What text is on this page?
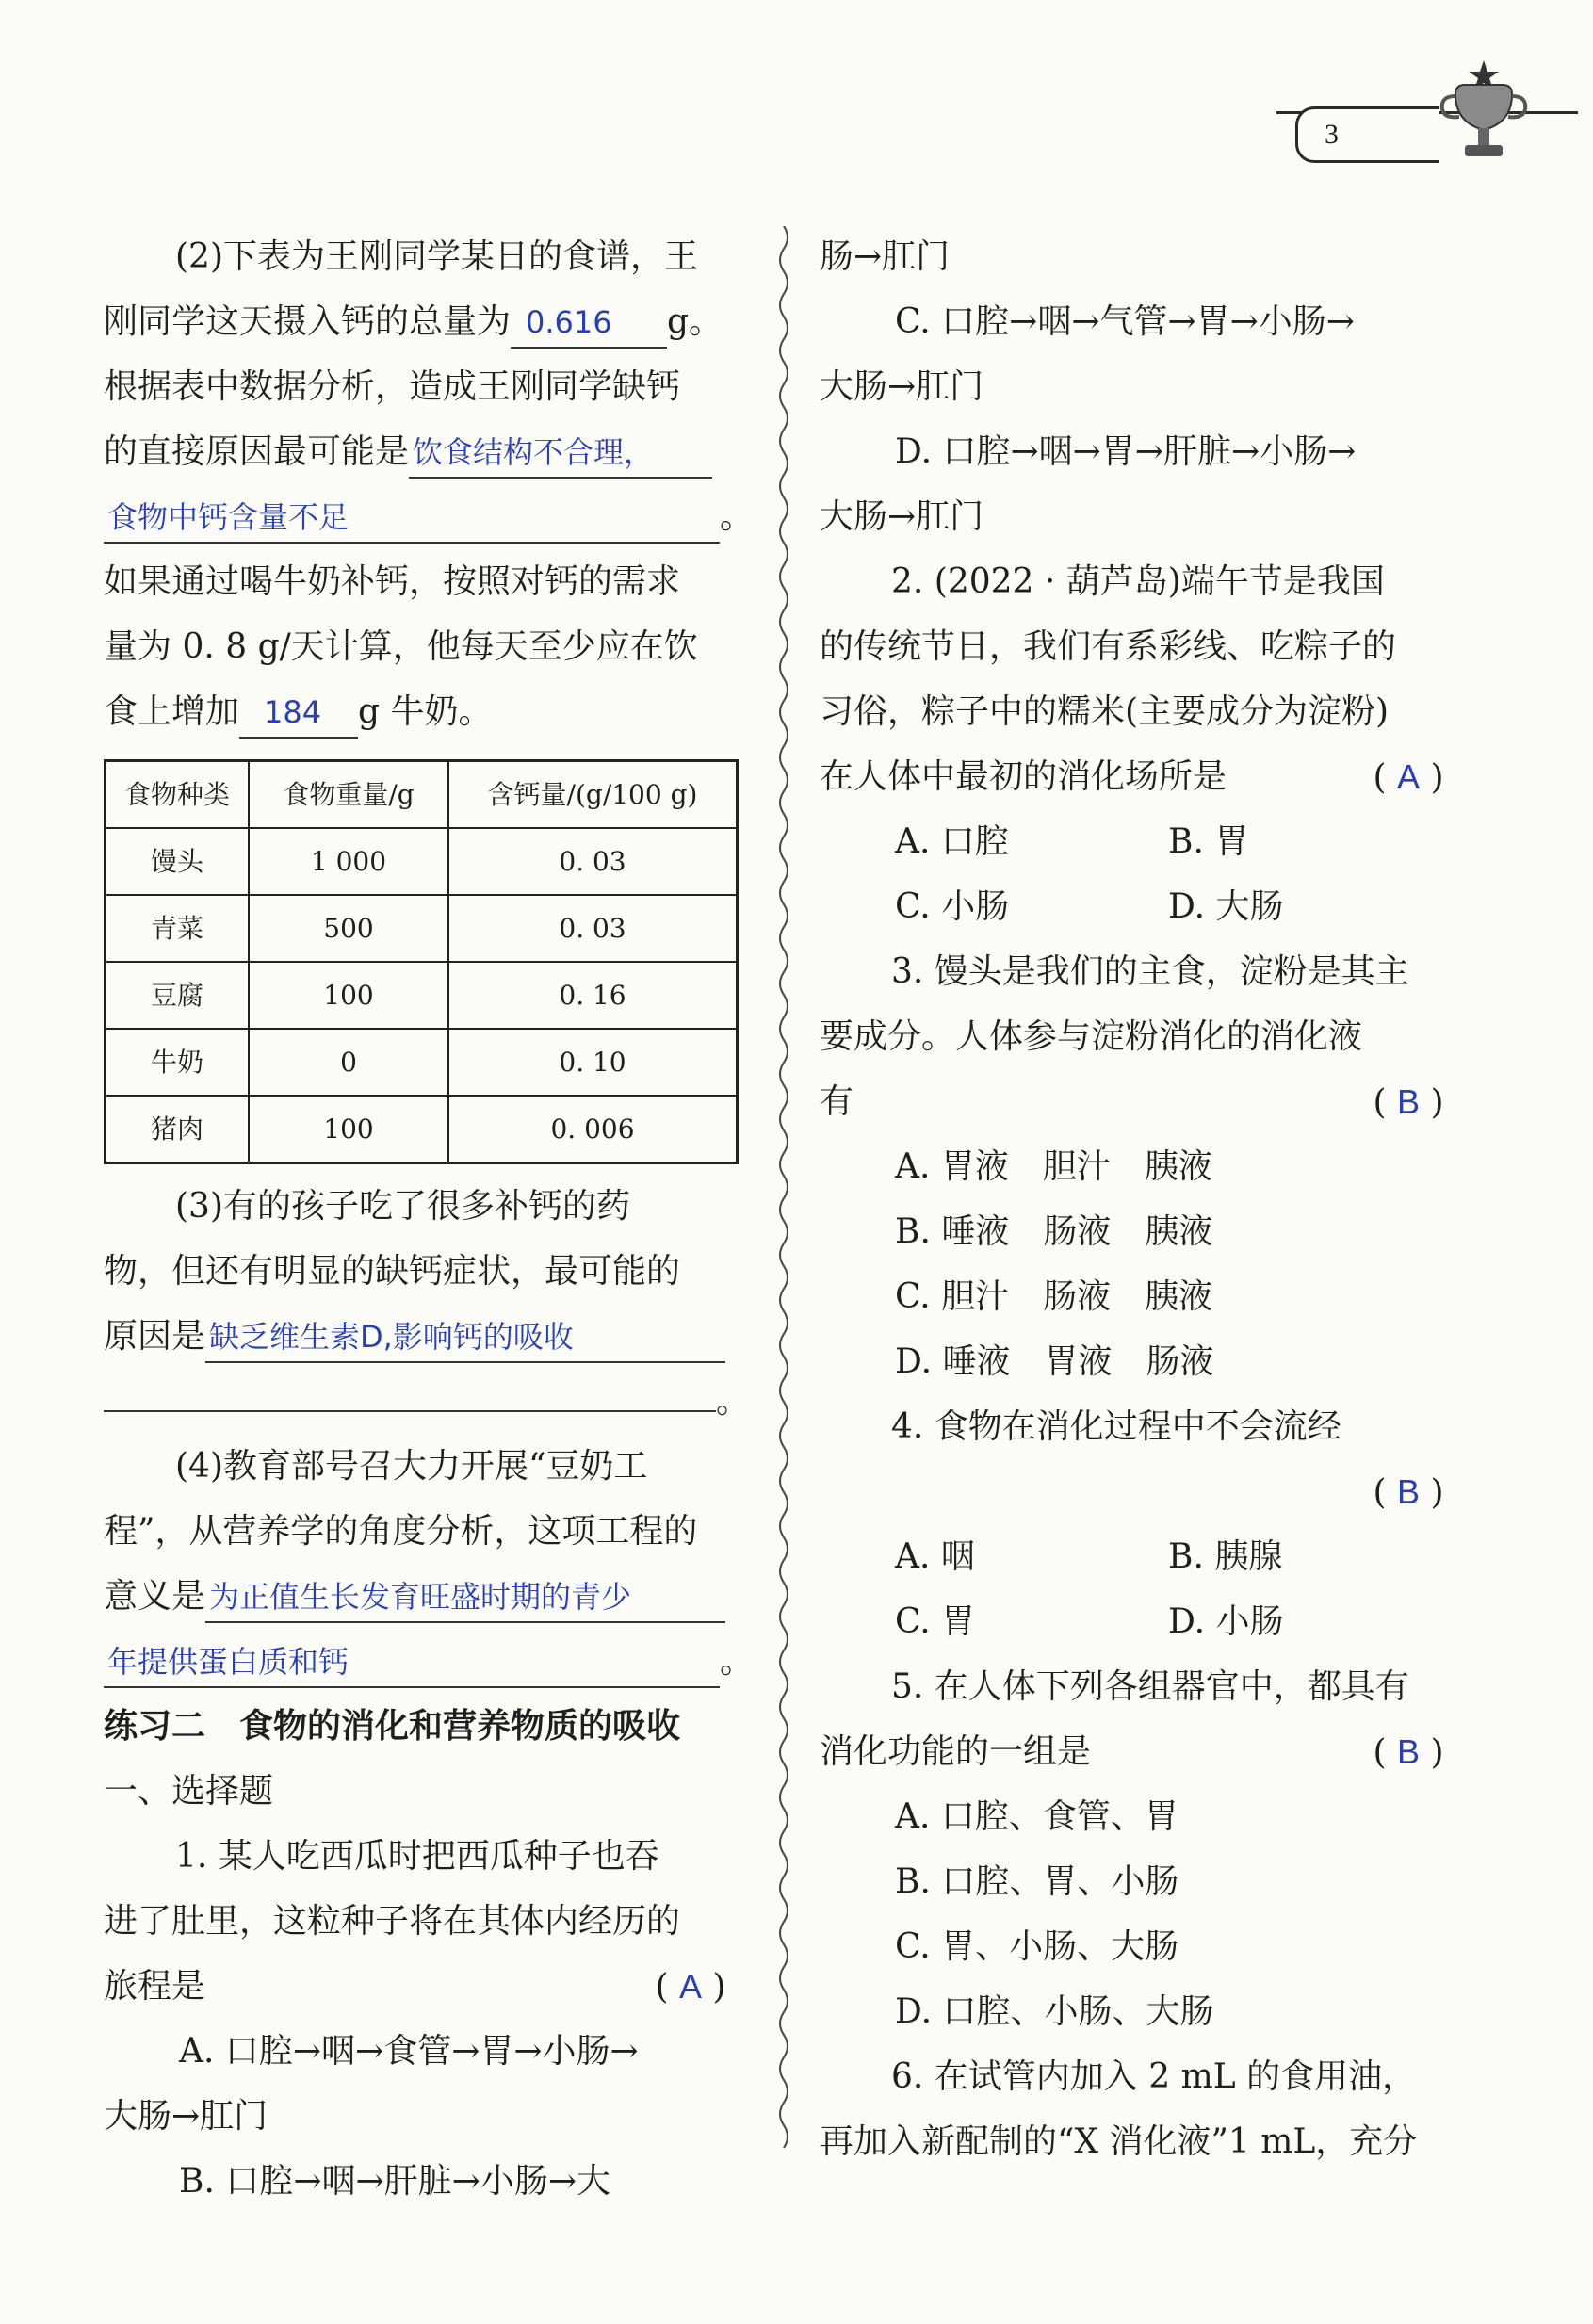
3

(2)下表为王刚同学某日的食谱，王

刚同学这天摄入钙的总量为 0.616 g。

根据表中数据分析，造成王刚同学缺钙

的直接原因最可能是 饮食结构不合理，

食物中钙含量不足	。

如果通过喝牛奶补钙，按照对钙的需求

量为 0. 8 g/天计算，他每天至少应在饮

食上增加 184 g 牛奶。

食物种类	食物重量/g	含钙量/(g/100 g)
馒头	1 000	0. 03
青菜	500	0. 03
豆腐	100	0. 16
牛奶	0	0. 10
猪肉	100	0. 006

(3)有的孩子吃了很多补钙的药

物，但还有明显的缺钙症状，最可能的

原因是 缺乏维生素D,影响钙的吸收

。

(4)教育部号召大力开展“豆奶工

程”，从营养学的角度分析，这项工程的

意义是 为正值生长发育旺盛时期的青少

年提供蛋白质和钙	。

练习二　食物的消化和营养物质的吸收

一、选择题

1. 某人吃西瓜时把西瓜种子也吞

进了肚里，这粒种子将在其体内经历的

旅程是	( A )

A. 口腔→咽→食管→胃→小肠→

大肠→肛门

B. 口腔→咽→肝脏→小肠→大

肠→肛门

C. 口腔→咽→气管→胃→小肠→

大肠→肛门

D. 口腔→咽→胃→肝脏→小肠→

大肠→肛门

2. (2022 · 葫芦岛)端午节是我国

的传统节日，我们有系彩线、吃粽子的

习俗，粽子中的糯米(主要成分为淀粉)

在人体中最初的消化场所是	( A )

A. 口腔	B. 胃

C. 小肠	D. 大肠

3. 馒头是我们的主食，淀粉是其主

要成分。人体参与淀粉消化的消化液

有	( B )

A. 胃液　胆汁　胰液

B. 唾液　肠液　胰液

C. 胆汁　肠液　胰液

D. 唾液　胃液　肠液

4. 食物在消化过程中不会流经

( B )

A. 咽	B. 胰腺

C. 胃	D. 小肠

5. 在人体下列各组器官中，都具有

消化功能的一组是	( B )

A. 口腔、食管、胃

B. 口腔、胃、小肠

C. 胃、小肠、大肠

D. 口腔、小肠、大肠

6. 在试管内加入 2 mL 的食用油，

再加入新配制的“X 消化液”1 mL，充分
